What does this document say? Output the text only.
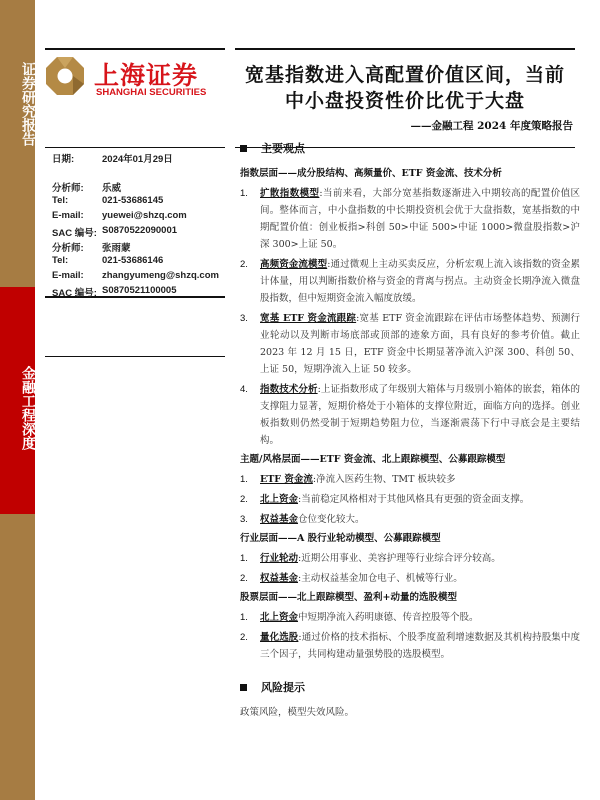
证券研究报告
金融工程深度
上海证券
SHANGHAI SECURITIES
宽基指数进入高配置价值区间，当前
中小盘投资性价比优于大盘
——金融工程 2024 年度策略报告
日期:	2024年01月29日
分析师: 乐威
Tel:	021-53686145
E-mail: yuewei@shzq.com
SAC 编号: S0870522090001
分析师: 张雨蒙
Tel:	021-53686146
E-mail: zhangyumeng@shzq.com
SAC 编号: S0870521100005
主要观点
指数层面——成分股结构、高频量价、ETF 资金流、技术分析
1.	扩散指数模型:当前来看，大部分宽基指数逐渐进入中期较高的配置价值区间。整体而言，中小盘指数的中长期投资机会优于大盘指数，宽基指数的中期配置价值：创业板指>科创 50>中证 500>中证 1000>微盘股指数>沪深 300>上证 50。
2.	高频资金流模型:通过微观上主动买卖反应，分析宏观上流入该指数的资金累计体量，用以判断指数价格与资金的背离与拐点。主动资金长期净流入微盘股指数，但中短期资金流入幅度放缓。
3.	宽基 ETF 资金流跟踪:宽基 ETF 资金流跟踪在评估市场整体趋势、预测行业轮动以及判断市场底部或顶部的迹象方面，具有良好的参考价值。截止 2023 年 12 月 15 日，ETF 资金中长期显著净流入沪深 300、科创 50、上证 50，短期净流入上证 50 较多。
4.	指数技术分析:上证指数形成了年级别大箱体与月级别小箱体的嵌套，箱体的支撑阻力显著，短期价格处于小箱体的支撑位附近，面临方向的选择。创业板指数则仍然受制于短期趋势阻力位，当逐渐震荡下行中寻底会是主要结构。
主题/风格层面——ETF 资金流、北上跟踪模型、公募跟踪模型
1.	ETF 资金流:净流入医药生物、TMT 板块较多
2.	北上资金:当前稳定风格相对于其他风格具有更强的资金面支撑。
3.	权益基金仓位变化较大。
行业层面——A 股行业轮动模型、公募跟踪模型
1.	行业轮动:近期公用事业、美容护理等行业综合评分较高。
2.	权益基金:主动权益基金加仓电子、机械等行业。
股票层面——北上跟踪模型、盈利+动量的选股模型
1.	北上资金中短期净流入药明康德、传音控股等个股。
2.	量化选股:通过价格的技术指标、个股季度盈利增速数据及其机构持股集中度三个因子，共同构建动量强势股的选股模型。
风险提示
政策风险，模型失效风险。
